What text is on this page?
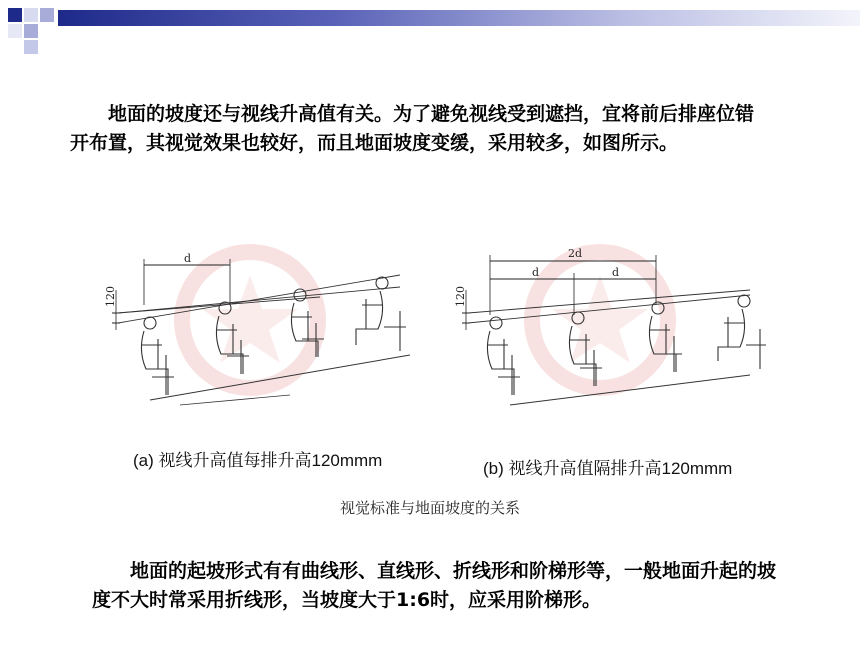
　　地面的坡度还与视线升高值有关。为了避免视线受到遮挡，宜将前后排座位错开布置，其视觉效果也较好，而且地面坡度变缓，采用较多，如图所示。

d
120
(a) 视线升高值每排升高120mmm
2d
d	d
120
(b) 视线升高值隔排升高120mmm
视觉标准与地面坡度的关系

　　地面的起坡形式有有曲线形、直线形、折线形和阶梯形等，一般地面升起的坡度不大时常采用折线形，当坡度大于1:6时，应采用阶梯形。
